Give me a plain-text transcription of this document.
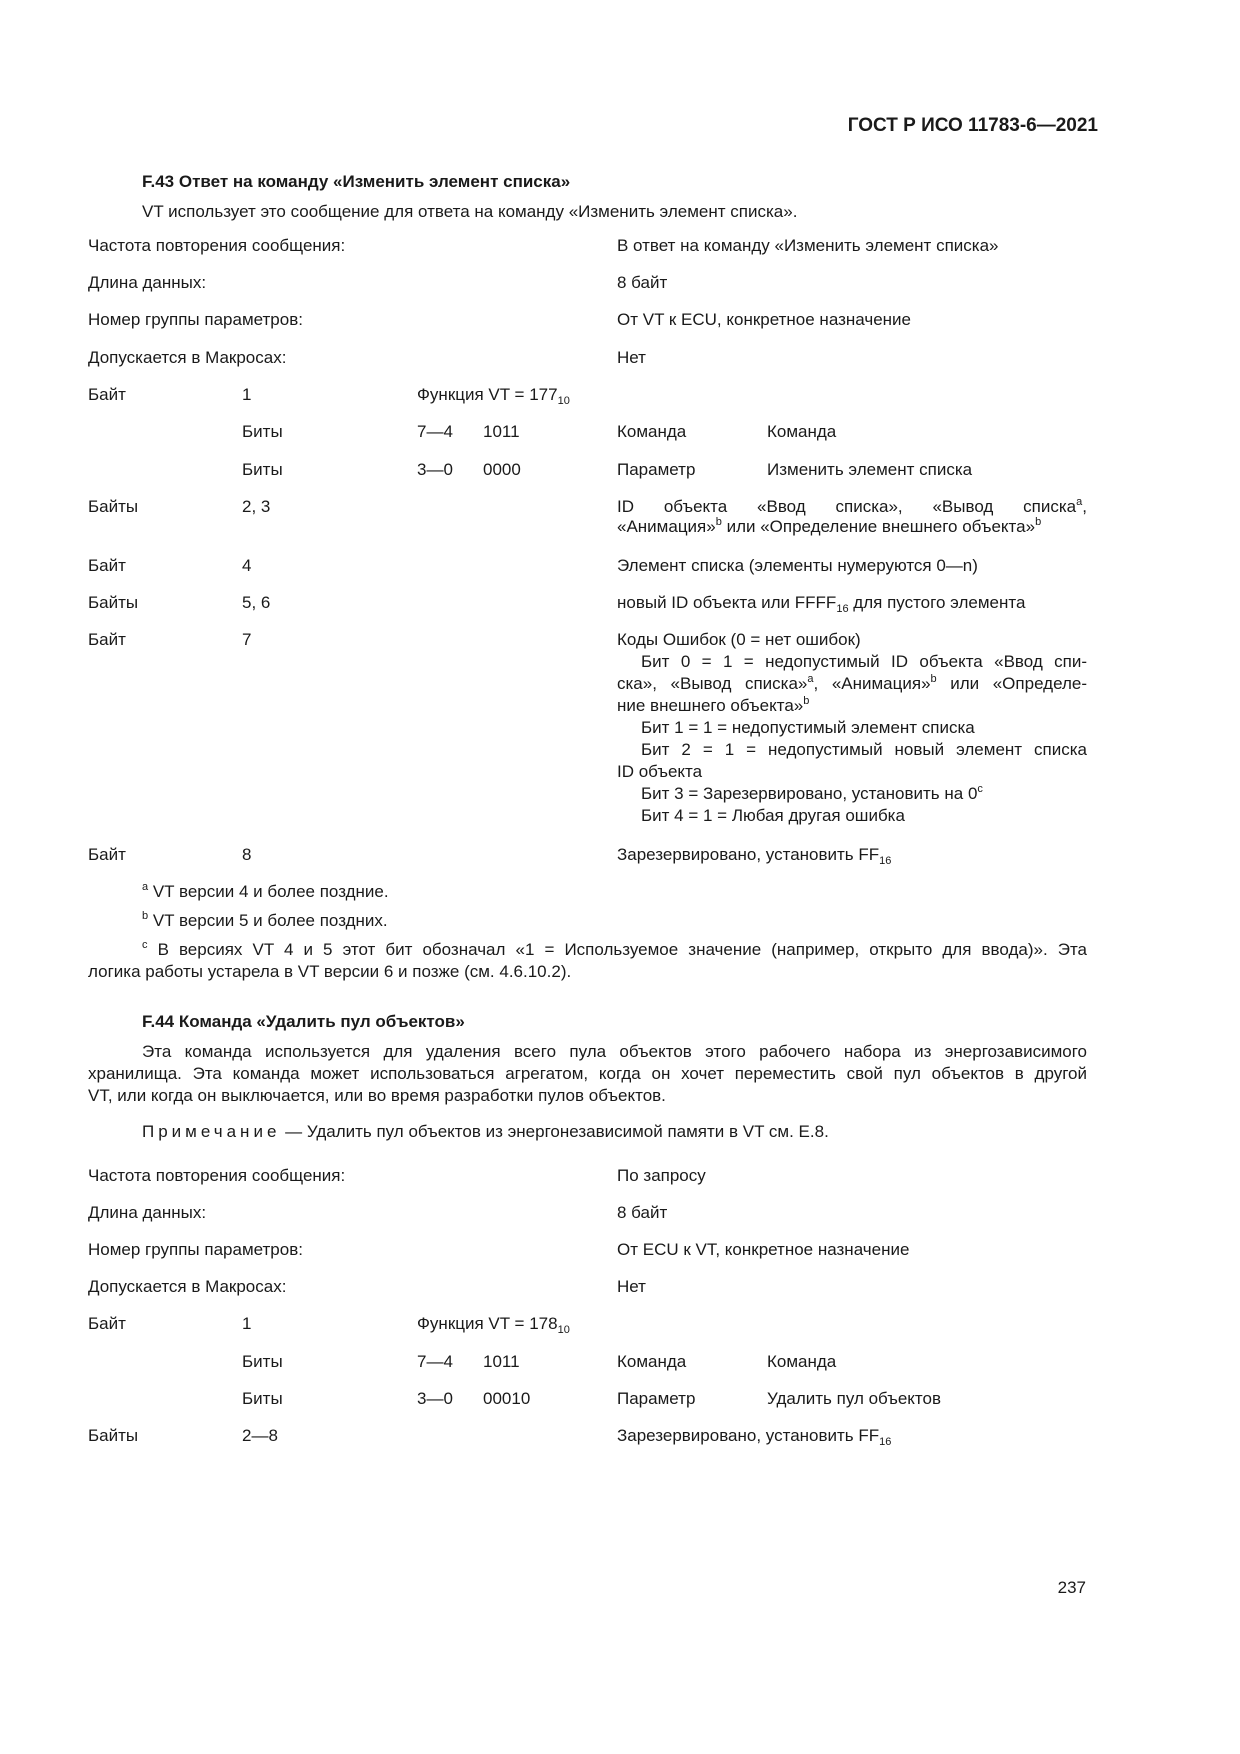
ГОСТ Р ИСО 11783-6—2021
F.43 Ответ на команду «Изменить элемент списка»
VT использует это сообщение для ответа на команду «Изменить элемент списка».
Частота повторения сообщения:	В ответ на команду «Изменить элемент списка»
Длина данных:	8 байт
Номер группы параметров:	От VT к ECU, конкретное назначение
Допускается в Макросах:	Нет
Байт	1	Функция VT = $177_{10}$
Биты	7—4 1011	Команда	Команда
Биты	3—0 0000	Параметр	Изменить элемент списка
Байты	2, 3	ID объекта «Ввод списка», «Вывод списка$^a$,
«Анимация»$^b$ или «Определение внешнего объекта»$^b$
Байт	4	Элемент списка (элементы нумеруются 0—n)
Байты	5, 6	новый ID объекта или $FFFF_{16}$ для пустого элемента
Байт	7	Коды Ошибок (0 = нет ошибок)
Бит 0 = 1 = недопустимый ID объекта «Ввод спи-
ска», «Вывод списка»$^a$, «Анимация»$^b$ или «Определе-
ние внешнего объекта»$^b$
Бит 1 = 1 = недопустимый элемент списка
Бит 2 = 1 = недопустимый новый элемент списка
ID объекта
Бит 3 = Зарезервировано, установить на 0$^c$
Бит 4 = 1 = Любая другая ошибка
Байт	8	Зарезервировано, установить $FF_{16}$
$^a$ VT версии 4 и более поздние.
$^b$ VT версии 5 и более поздних.
$^c$ В версиях VT 4 и 5 этот бит обозначал «1 = Используемое значение (например, открыто для ввода)». Эта
логика работы устарела в VT версии 6 и позже (см. 4.6.10.2).
F.44 Команда «Удалить пул объектов»
Эта команда используется для удаления всего пула объектов этого рабочего набора из энергозависимого
хранилища. Эта команда может использоваться агрегатом, когда он хочет переместить свой пул объектов в другой
VT, или когда он выключается, или во время разработки пулов объектов.
Примечание — Удалить пул объектов из энергонезависимой памяти в VT см. E.8.
Частота повторения сообщения:	По запросу
Длина данных:	8 байт
Номер группы параметров:	От ECU к VT, конкретное назначение
Допускается в Макросах:	Нет
Байт	1	Функция VT = $178_{10}$
Биты	7—4 1011	Команда	Команда
Биты	3—0 00010	Параметр	Удалить пул объектов
Байты	2—8	Зарезервировано, установить $FF_{16}$
237
